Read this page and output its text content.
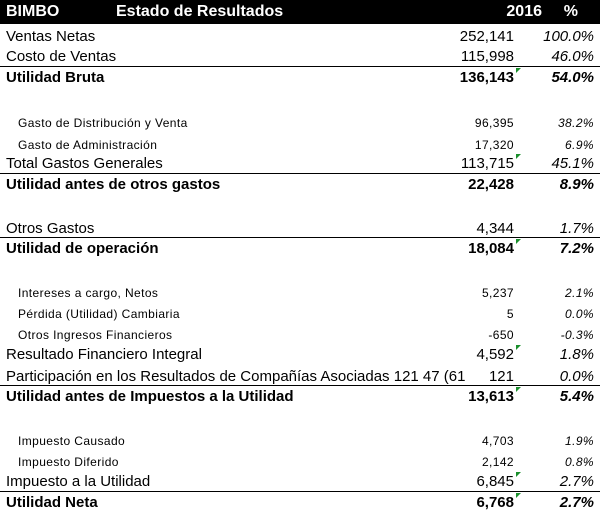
BIMBO	Estado de Resultados	2016 %
Ventas Netas	252,141 100.0%
Costo de Ventas	115,998 46.0%
Utilidad Bruta	136,143 54.0%
Gasto de Distribución y Venta	96,395	38.2%
Gasto de Administración	17,320	6.9%
Total Gastos Generales	113,715 45.1%
Utilidad antes de otros gastos	22,428	8.9%
Otros Gastos	4,344	1.7%
Utilidad de operación	18,084	7.2%
Intereses a cargo, Netos	5,237	2.1%
Pérdida (Utilidad) Cambiaria	5	0.0%
Otros Ingresos Financieros	-650	-0.3%
Resultado Financiero Integral	4,592	1.8%
Participación en los Resultados de Compañías Asociadas 121 47 (61 121	0.0%
Utilidad antes de Impuestos a la Utilidad	13,613	5.4%
Impuesto Causado	4,703	1.9%
Impuesto Diferido	2,142	0.8%
Impuesto a la Utilidad	6,845	2.7%
Utilidad Neta	6,768	2.7%
